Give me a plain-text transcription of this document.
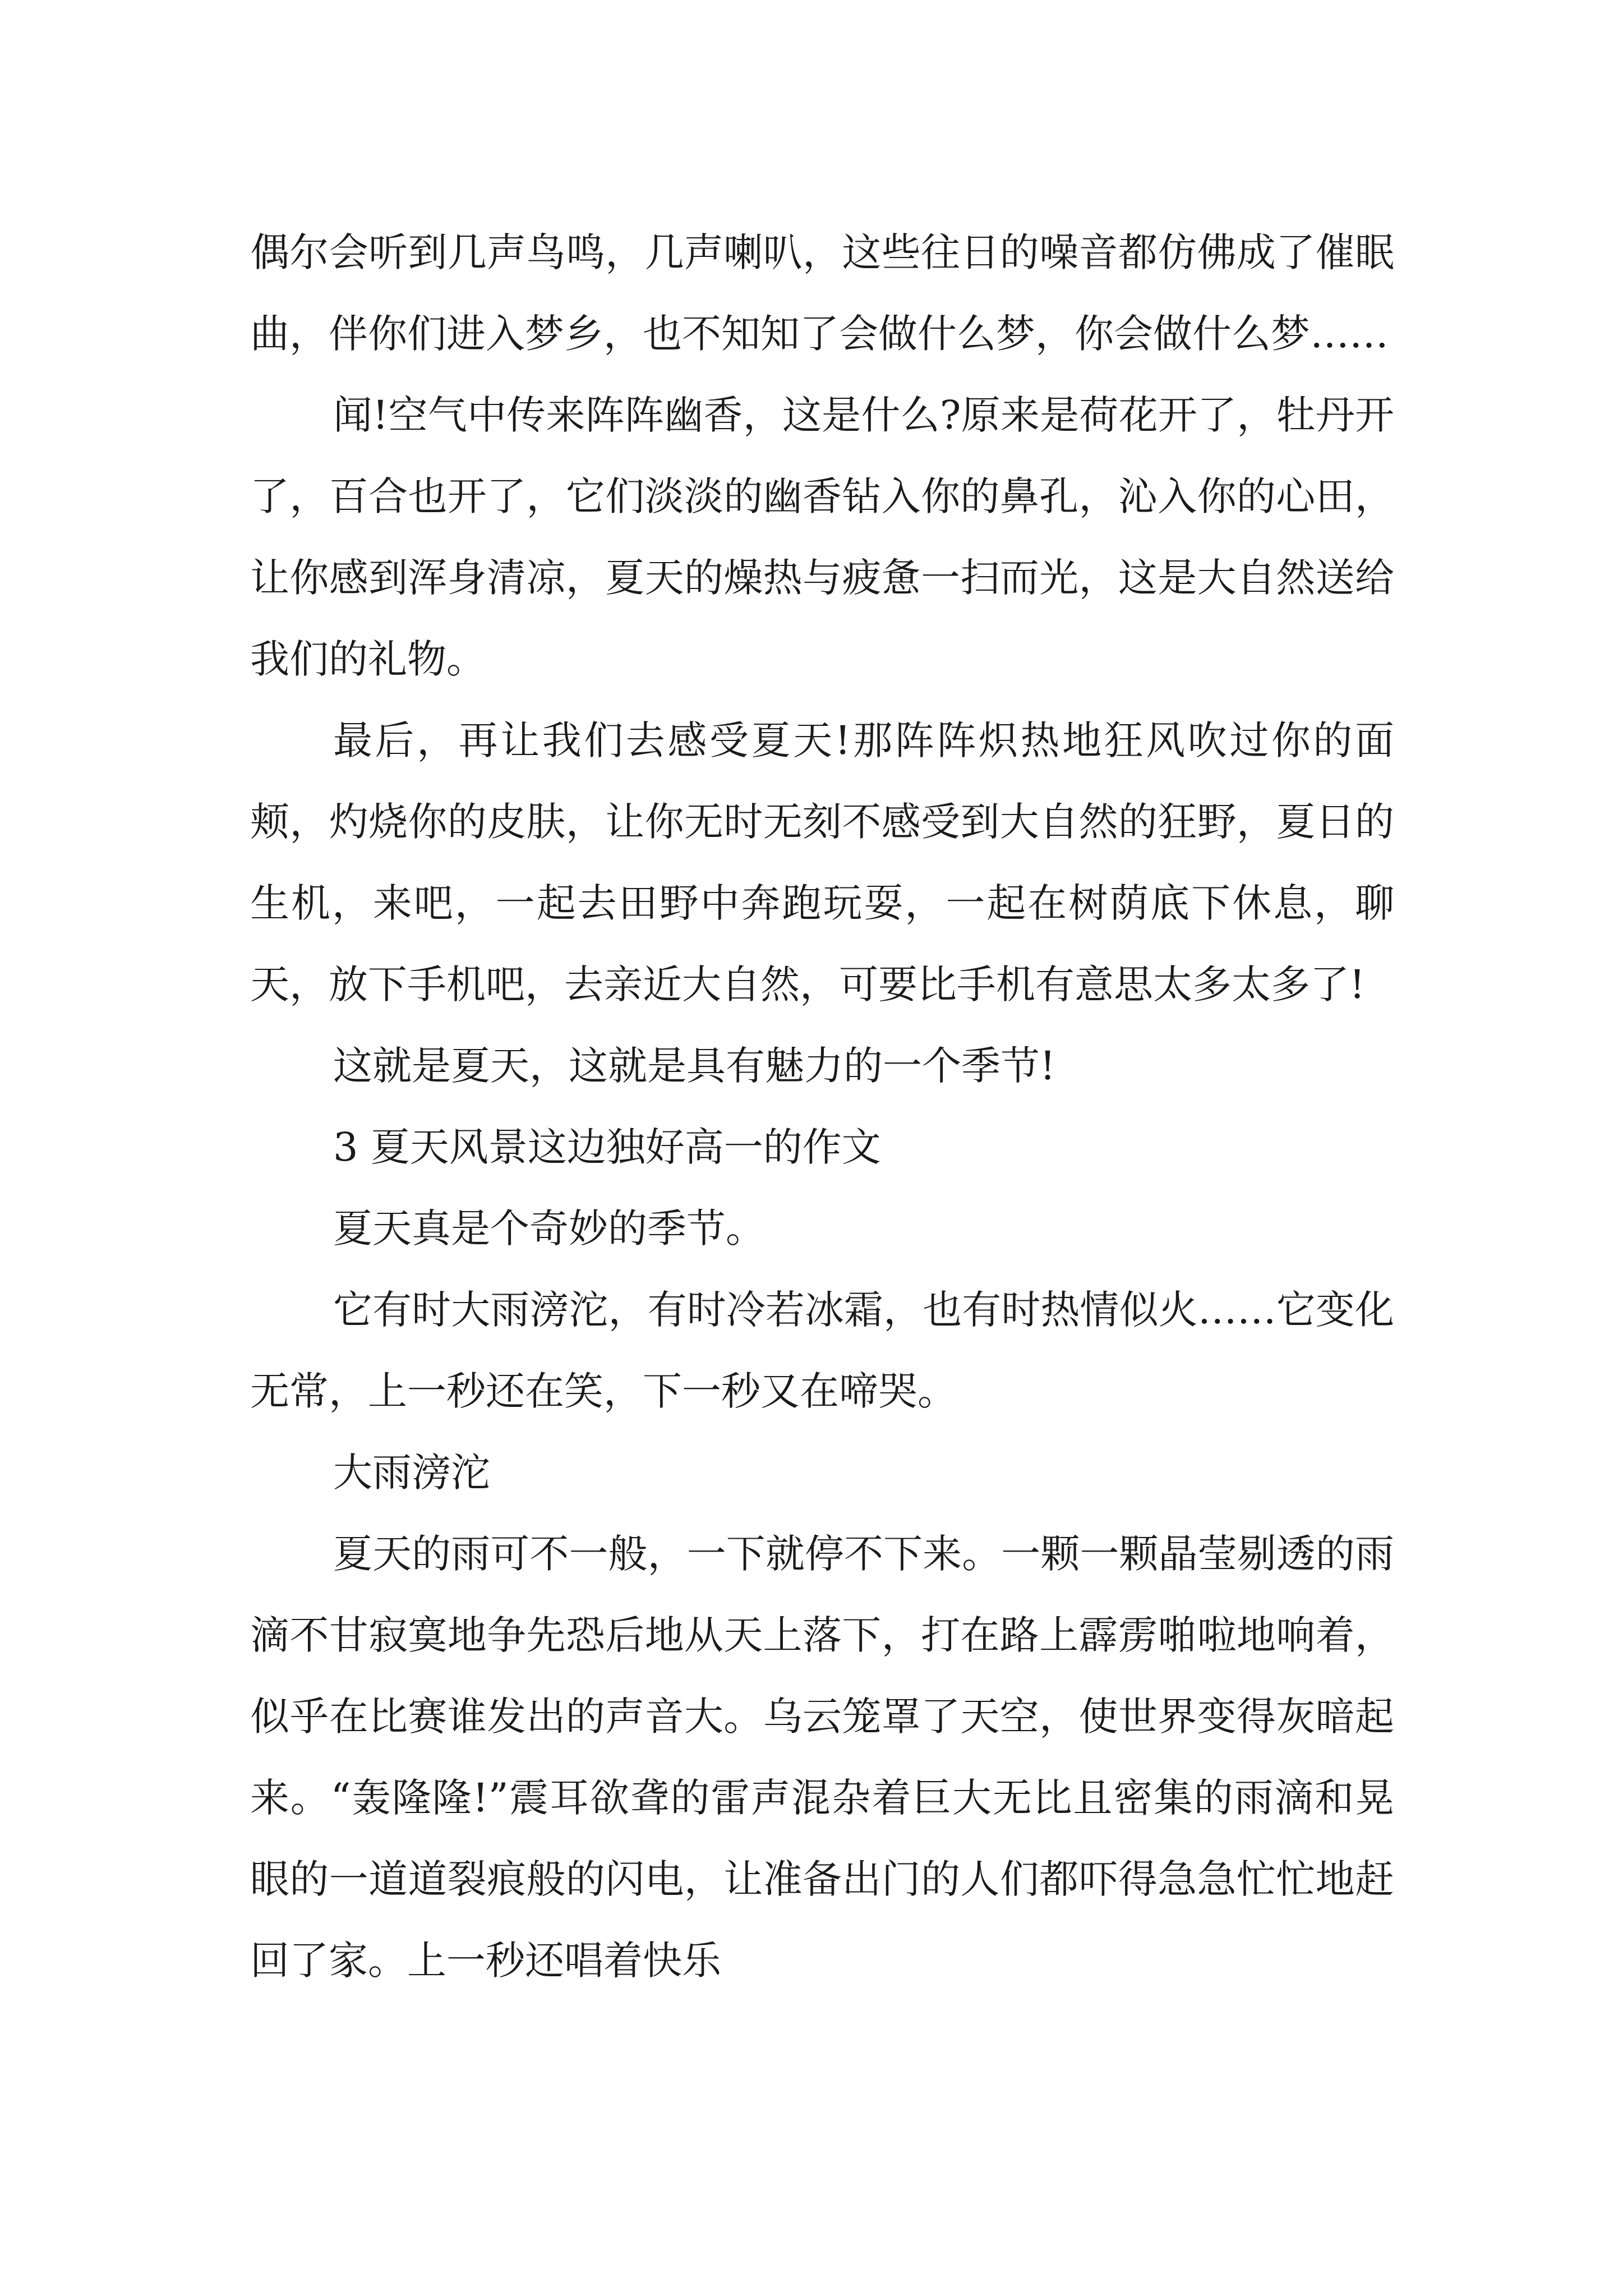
偶尔会听到几声鸟鸣，几声喇叭，这些往日的噪音都仿佛成了催眠曲，伴你们进入梦乡，也不知知了会做什么梦，你会做什么梦……

闻!空气中传来阵阵幽香，这是什么?原来是荷花开了，牡丹开了，百合也开了，它们淡淡的幽香钻入你的鼻孔，沁入你的心田，让你感到浑身清凉，夏天的燥热与疲惫一扫而光，这是大自然送给我们的礼物。

最后，再让我们去感受夏天!那阵阵炽热地狂风吹过你的面颊，灼烧你的皮肤，让你无时无刻不感受到大自然的狂野，夏日的生机，来吧，一起去田野中奔跑玩耍，一起在树荫底下休息，聊天，放下手机吧，去亲近大自然，可要比手机有意思太多太多了!

这就是夏天，这就是具有魅力的一个季节!

3 夏天风景这边独好高一的作文

夏天真是个奇妙的季节。

它有时大雨滂沱，有时冷若冰霜，也有时热情似火……它变化无常，上一秒还在笑，下一秒又在啼哭。

大雨滂沱

夏天的雨可不一般，一下就停不下来。一颗一颗晶莹剔透的雨滴不甘寂寞地争先恐后地从天上落下，打在路上霹雳啪啦地响着，似乎在比赛谁发出的声音大。乌云笼罩了天空，使世界变得灰暗起来。“轰隆隆!”震耳欲聋的雷声混杂着巨大无比且密集的雨滴和晃眼的一道道裂痕般的闪电，让准备出门的人们都吓得急急忙忙地赶回了家。上一秒还唱着快乐
